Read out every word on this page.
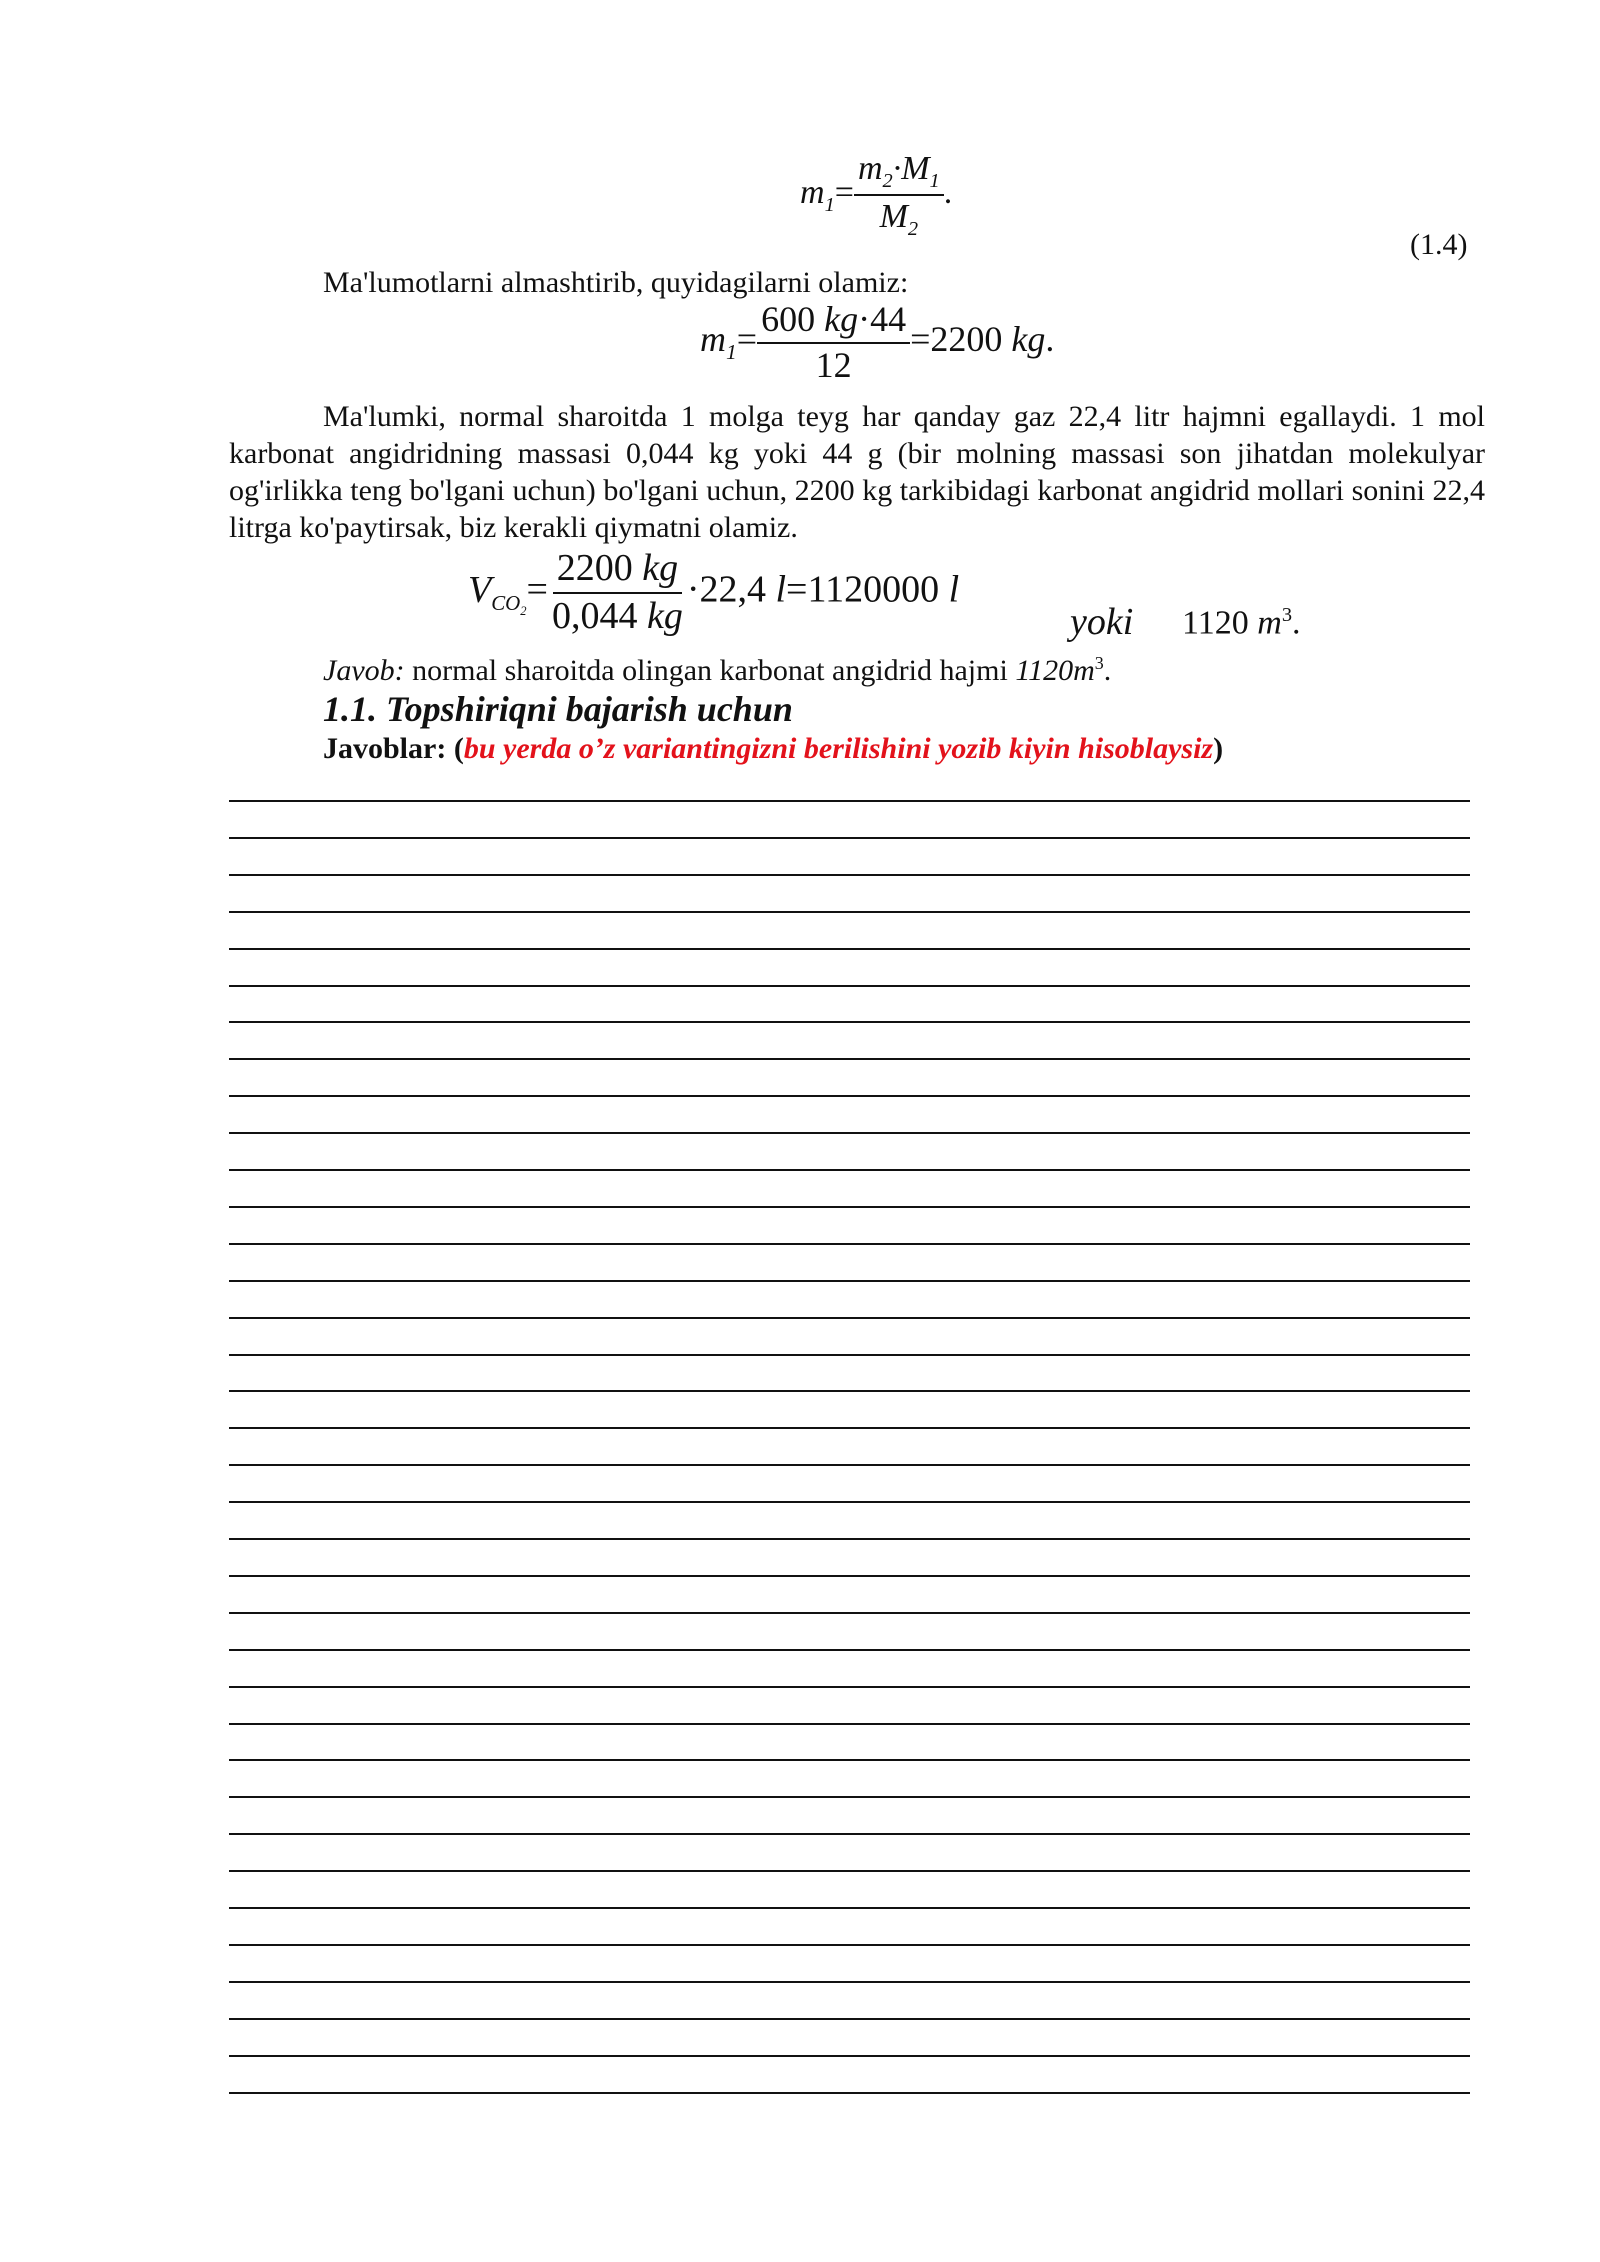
$m_1= \frac{m_2\cdot M_1}{M_2}$ .
(1.4)
Ma'lumotlarni almashtirib, quyidagilarni olamiz:
$m_1= \frac{600 kg\cdot 44}{12} =2200$ kg.
Ma'lumki, normal sharoitda 1 molga teyg har qanday gaz 22,4 litr hajmni egallaydi. 1 mol karbonat angidridning massasi 0,044 kg yoki 44 g (bir molning massasi son jihatdan molekulyar og'irlikka teng bo'lgani uchun) bo'lgani uchun, 2200 kg tarkibidagi karbonat angidrid mollari sonini 22,4 litrga ko'paytirsak, biz kerakli qiymatni olamiz.
$V_{CO_2}= \frac{2200 kg}{0,044 kg} \cdot 22,4$ l=1120000 l
yoki 1120 $m^3$.
Javob: normal sharoitda olingan karbonat angidrid hajmi $1120m^3$.
1.1. Topshiriqni bajarish uchun
Javoblar: (bu yerda o’z variantingizni berilishini yozib kiyin hisoblaysiz)
